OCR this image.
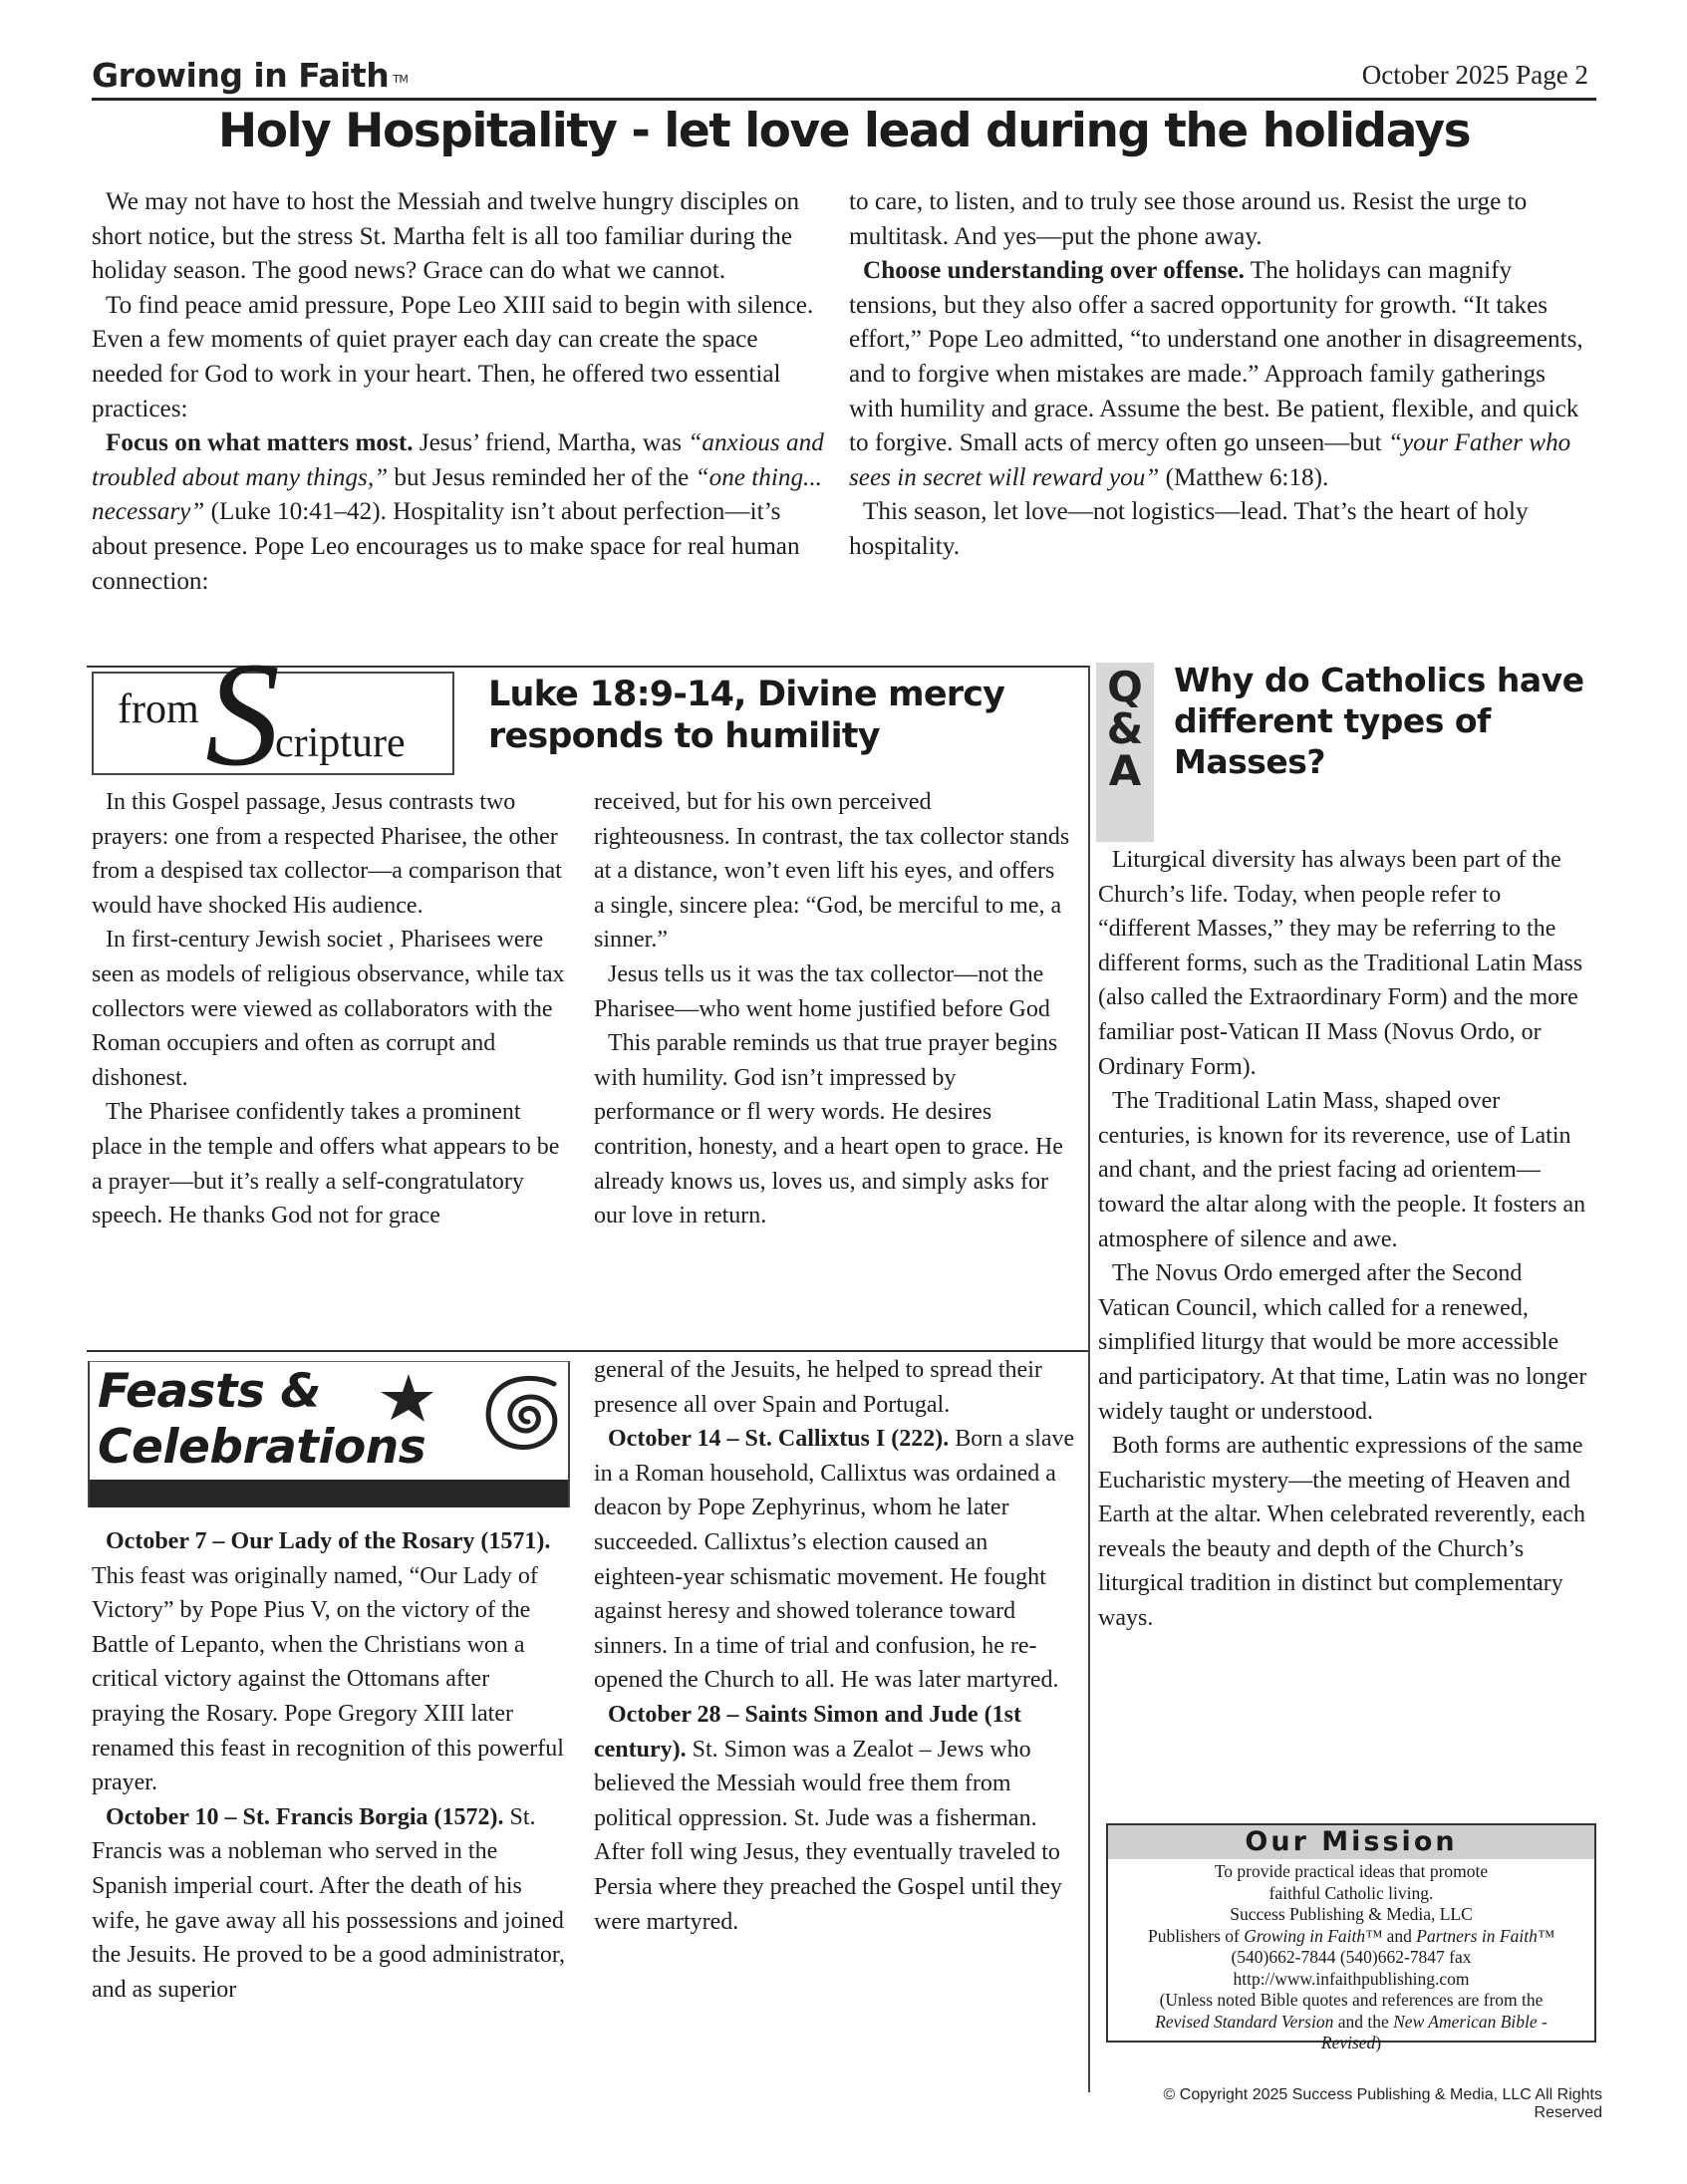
Growing in Faith TM	October 2025 Page 2
Holy Hospitality - let love lead during the holidays

We may not have to host the Messiah and twelve hungry disciples on short notice, but the stress St. Martha felt is all too familiar during the holiday season. The good news? Grace can do what we cannot.

To find peace amid pressure, Pope Leo XIII said to begin with silence. Even a few moments of quiet prayer each day can create the space needed for God to work in your heart. Then, he offered two essential practices:

Focus on what matters most. Jesus’ friend, Martha, was “anxious and troubled about many things,” but Jesus reminded her of the “one thing... necessary” (Luke 10:41–42). Hospitality isn’t about perfection—it’s about presence. Pope Leo encourages us to make space for real human connection:

to care, to listen, and to truly see those around us. Resist the urge to multitask. And yes—put the phone away.

Choose understanding over offense. The holidays can magnify tensions, but they also offer a sacred opportunity for growth. “It takes effort,” Pope Leo admitted, “to understand one another in disagreements, and to forgive when mistakes are made.” Approach family gatherings with humility and grace. Assume the best. Be patient, flexible, and quick to forgive. Small acts of mercy often go unseen—but “your Father who sees in secret will reward you” (Matthew 6:18).

This season, let love—not logistics—lead. That’s the heart of holy hospitality.

from S
cripture
Luke 18:9-14, Divine mercy responds to humility

In this Gospel passage, Jesus contrasts two prayers: one from a respected Pharisee, the other from a despised tax collector—a comparison that would have shocked His audience.

In first-century Jewish societ , Pharisees were seen as models of religious observance, while tax collectors were viewed as collaborators with the Roman occupiers and often as corrupt and dishonest.

The Pharisee confidently takes a prominent place in the temple and offers what appears to be a prayer—but it’s really a self-congratulatory speech. He thanks God not for grace

received, but for his own perceived righteousness. In contrast, the tax collector stands at a distance, won’t even lift his eyes, and offers a single, sincere plea: “God, be merciful to me, a sinner.”

Jesus tells us it was the tax collector—not the Pharisee—who went home justified before God

This parable reminds us that true prayer begins with humility. God isn’t impressed by performance or fl wery words. He desires contrition, honesty, and a heart open to grace. He already knows us, loves us, and simply asks for our love in return.

Feasts &
Celebrations

October 7 – Our Lady of the Rosary (1571). This feast was originally named, “Our Lady of Victory” by Pope Pius V, on the victory of the Battle of Lepanto, when the Christians won a critical victory against the Ottomans after praying the Rosary. Pope Gregory XIII later renamed this feast in recognition of this powerful prayer.

October 10 – St. Francis Borgia (1572). St. Francis was a nobleman who served in the Spanish imperial court. After the death of his wife, he gave away all his possessions and joined the Jesuits. He proved to be a good administrator, and as superior

general of the Jesuits, he helped to spread their presence all over Spain and Portugal.

October 14 – St. Callixtus I (222). Born a slave in a Roman household, Callixtus was ordained a deacon by Pope Zephyrinus, whom he later succeeded. Callixtus’s election caused an eighteen-year schismatic movement. He fought against heresy and showed tolerance toward sinners. In a time of trial and confusion, he re-opened the Church to all. He was later martyred.

October 28 – Saints Simon and Jude (1st century). St. Simon was a Zealot – Jews who believed the Messiah would free them from political oppression. St. Jude was a fisherman. After foll wing Jesus, they eventually traveled to Persia where they preached the Gospel until they were martyred.

Q
&
A
Why do Catholics have different types of Masses?

Liturgical diversity has always been part of the Church’s life. Today, when people refer to “different Masses,” they may be referring to the different forms, such as the Traditional Latin Mass (also called the Extraordinary Form) and the more familiar post-Vatican II Mass (Novus Ordo, or Ordinary Form).

The Traditional Latin Mass, shaped over centuries, is known for its reverence, use of Latin and chant, and the priest facing ad orientem—toward the altar along with the people. It fosters an atmosphere of silence and awe.

The Novus Ordo emerged after the Second Vatican Council, which called for a renewed, simplified liturgy that would be more accessible and participatory. At that time, Latin was no longer widely taught or understood.

Both forms are authentic expressions of the same Eucharistic mystery—the meeting of Heaven and Earth at the altar. When celebrated reverently, each reveals the beauty and depth of the Church’s liturgical tradition in distinct but complementary ways.

Our Mission
To provide practical ideas that promote
faithful Catholic living.
Success Publishing & Media, LLC
Publishers of Growing in Faith™ and Partners in Faith™
(540)662-7844 (540)662-7847 fax
http://www.infaithpublishing.com
(Unless noted Bible quotes and references are from the
Revised Standard Version and the New American Bible -
Revised)
© Copyright 2025 Success Publishing & Media, LLC All Rights Reserved
